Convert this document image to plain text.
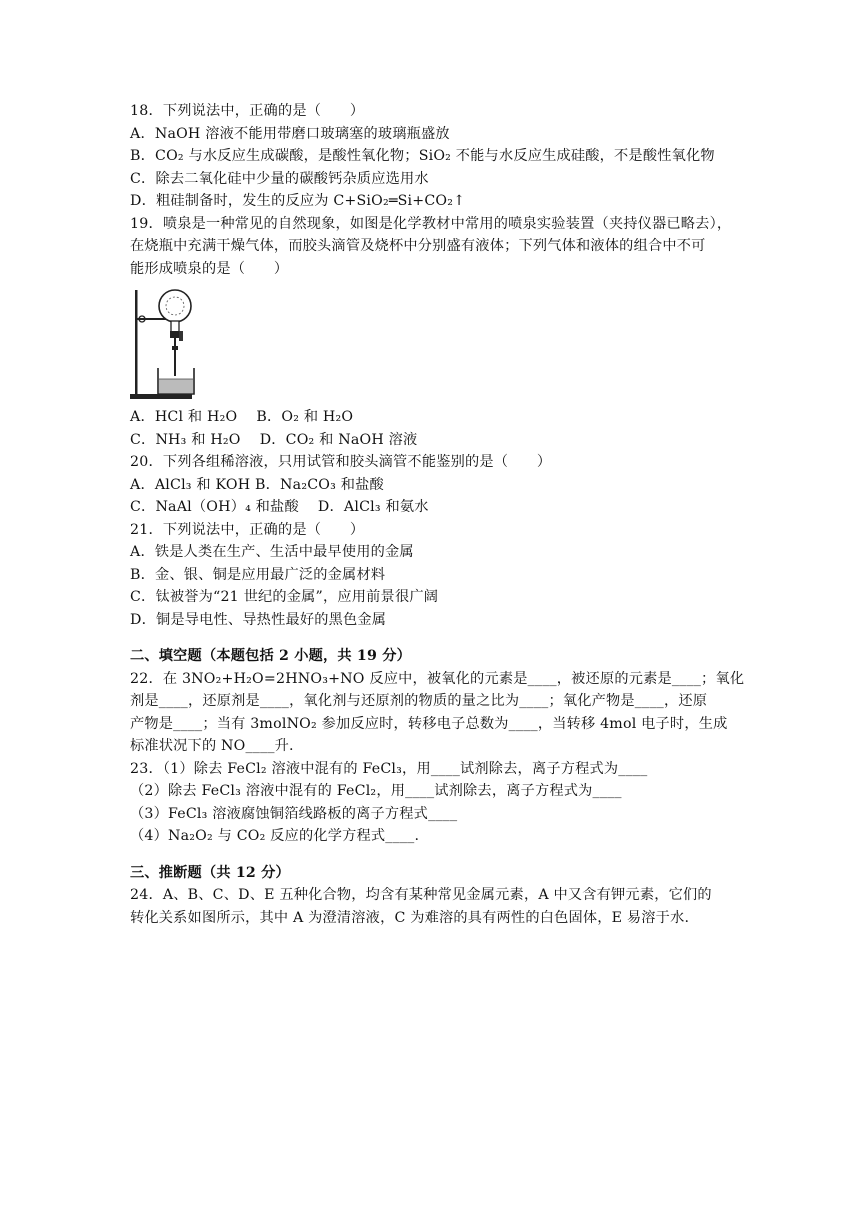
18．下列说法中，正确的是（　　）
A．NaOH 溶液不能用带磨口玻璃塞的玻璃瓶盛放
B．CO₂ 与水反应生成碳酸，是酸性氧化物；SiO₂ 不能与水反应生成硅酸，不是酸性氧化物
C．除去二氧化硅中少量的碳酸钙杂质应选用水
D．粗硅制备时，发生的反应为 C+SiO₂═Si+CO₂↑
19．喷泉是一种常见的自然现象，如图是化学教材中常用的喷泉实验装置（夹持仪器已略去），
在烧瓶中充满干燥气体，而胶头滴管及烧杯中分别盛有液体；下列气体和液体的组合中不可
能形成喷泉的是（　　）
A．HCl 和 H₂O　 B．O₂ 和 H₂O
C．NH₃ 和 H₂O　 D．CO₂ 和 NaOH 溶液
20．下列各组稀溶液，只用试管和胶头滴管不能鉴别的是（　　）
A．AlCl₃ 和 KOH B．Na₂CO₃ 和盐酸
C．NaAl（OH）₄ 和盐酸　 D．AlCl₃ 和氨水
21．下列说法中，正确的是（　　）
A．铁是人类在生产、生活中最早使用的金属
B．金、银、铜是应用最广泛的金属材料
C．钛被誉为“21 世纪的金属”，应用前景很广阔
D．铜是导电性、导热性最好的黑色金属
二、填空题（本题包括 2 小题，共 19 分）
22．在 3NO₂+H₂O=2HNO₃+NO 反应中，被氧化的元素是____，被还原的元素是____；氧化
剂是____，还原剂是____，氧化剂与还原剂的物质的量之比为____；氧化产物是____，还原
产物是____；当有 3molNO₂ 参加反应时，转移电子总数为____，当转移 4mol 电子时，生成
标准状况下的 NO____升.
23．（1）除去 FeCl₂ 溶液中混有的 FeCl₃，用____试剂除去，离子方程式为____
（2）除去 FeCl₃ 溶液中混有的 FeCl₂，用____试剂除去，离子方程式为____
（3）FeCl₃ 溶液腐蚀铜箔线路板的离子方程式____
（4）Na₂O₂ 与 CO₂ 反应的化学方程式____.
三、推断题（共 12 分）
24．A、B、C、D、E 五种化合物，均含有某种常见金属元素，A 中又含有钾元素，它们的
转化关系如图所示，其中 A 为澄清溶液，C 为难溶的具有两性的白色固体，E 易溶于水.
